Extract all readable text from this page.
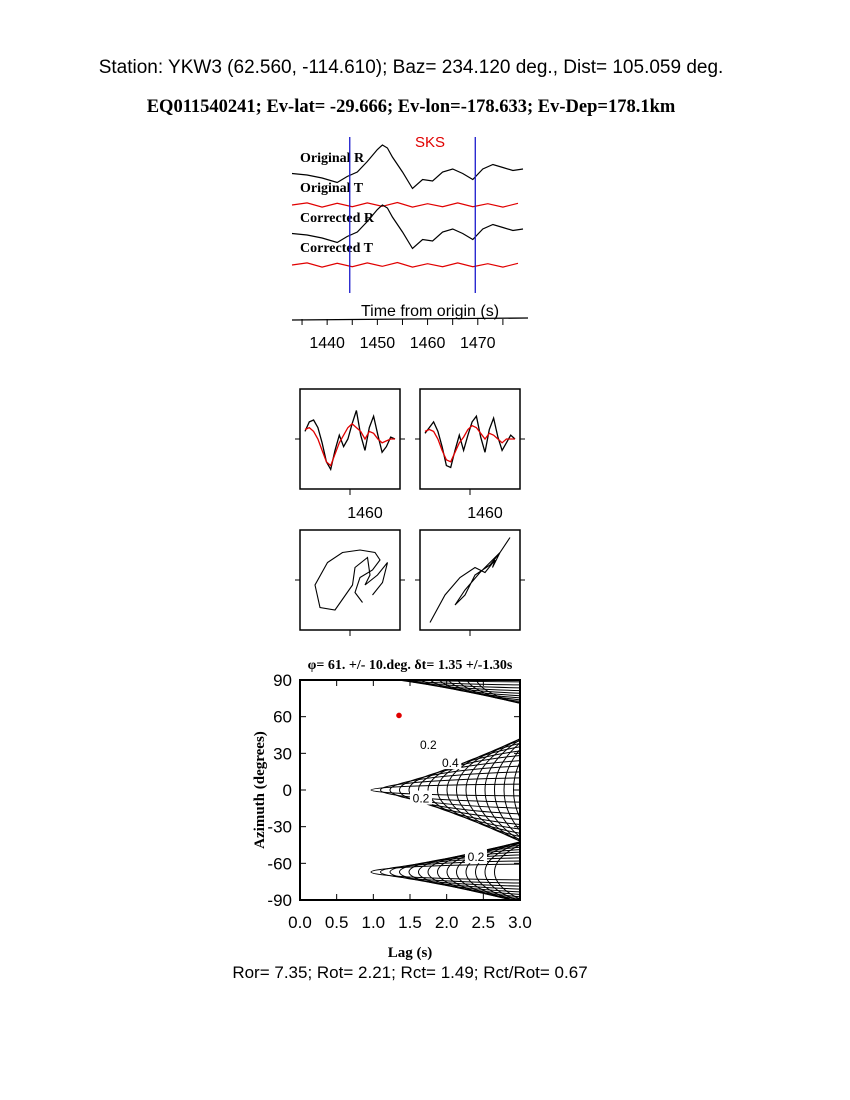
Station: YKW3 (62.560, -114.610); Baz= 234.120 deg., Dist= 105.059 deg.
EQ011540241; Ev-lat= -29.666; Ev-lon=-178.633; Ev-Dep=178.1km
Original R
Original T
Corrected R
Corrected T
SKS
Time from origin (s)
1440 1450 1460 1470
1460	1460
φ= 61. +/- 10.deg. δt= 1.35 +/-1.30s
0.0 0.5 1.0 1.5 2.0 2.5 3.0
90
60
30
0
-30
-60
-90
0.2
0.4
0.2
0.2
Lag (s)
Azimuth (degrees)
Ror= 7.35; Rot= 2.21; Rct= 1.49; Rct/Rot= 0.67
